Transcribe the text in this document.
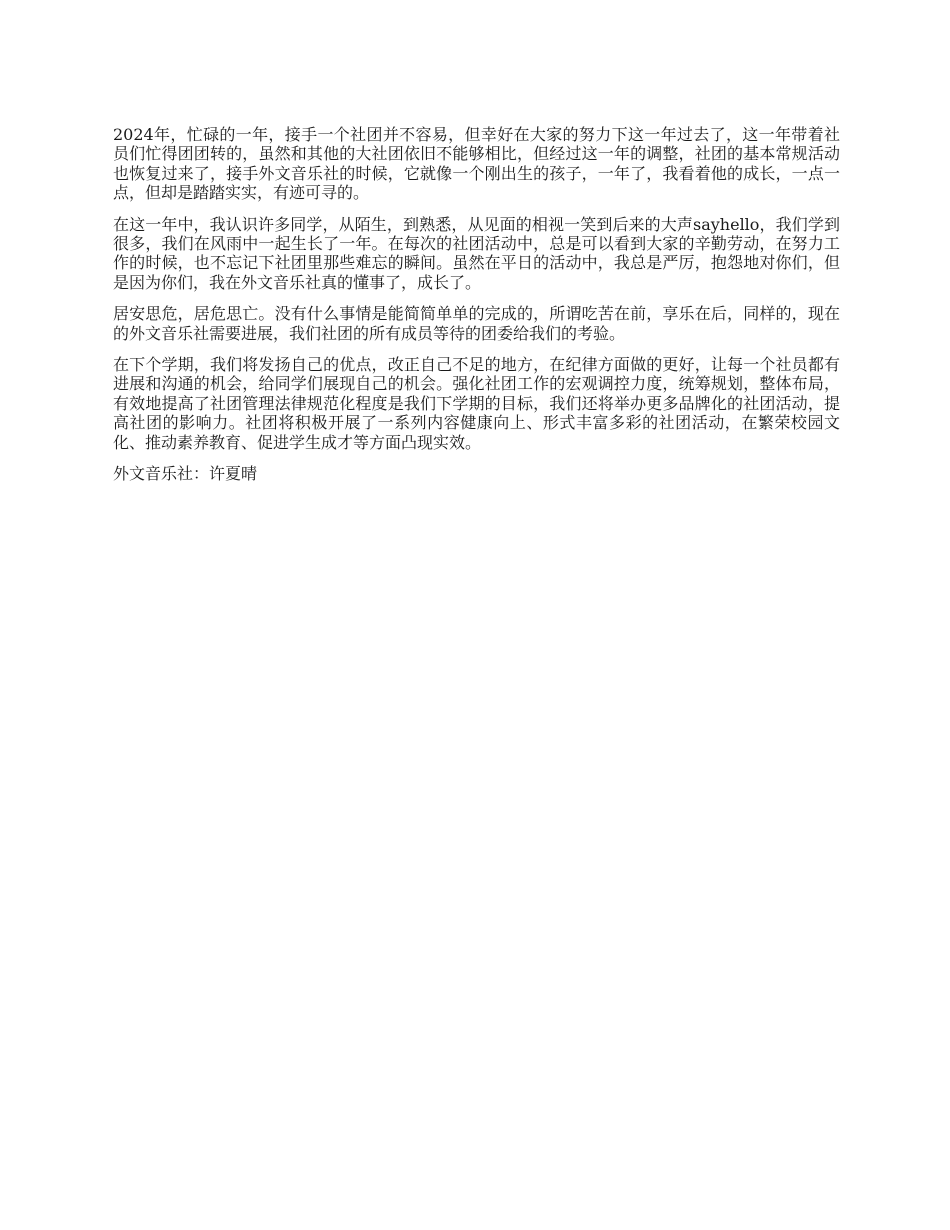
2024年，忙碌的一年，接手一个社团并不容易，但幸好在大家的努力下这一年过去了，这一年带着社员们忙得团团转的，虽然和其他的大社团依旧不能够相比，但经过这一年的调整，社团的基本常规活动也恢复过来了，接手外文音乐社的时候，它就像一个刚出生的孩子，一年了，我看着他的成长，一点一点，但却是踏踏实实，有迹可寻的。

在这一年中，我认识许多同学，从陌生，到熟悉，从见面的相视一笑到后来的大声sayhello，我们学到很多，我们在风雨中一起生长了一年。在每次的社团活动中，总是可以看到大家的辛勤劳动，在努力工作的时候，也不忘记下社团里那些难忘的瞬间。虽然在平日的活动中，我总是严厉，抱怨地对你们，但是因为你们，我在外文音乐社真的懂事了，成长了。

居安思危，居危思亡。没有什么事情是能简简单单的完成的，所谓吃苦在前，享乐在后，同样的，现在的外文音乐社需要进展，我们社团的所有成员等待的团委给我们的考验。

在下个学期，我们将发扬自己的优点，改正自己不足的地方，在纪律方面做的更好，让每一个社员都有进展和沟通的机会，给同学们展现自己的机会。强化社团工作的宏观调控力度，统筹规划，整体布局，有效地提高了社团管理法律规范化程度是我们下学期的目标，我们还将举办更多品牌化的社团活动，提高社团的影响力。社团将积极开展了一系列内容健康向上、形式丰富多彩的社团活动，在繁荣校园文化、推动素养教育、促进学生成才等方面凸现实效。

外文音乐社：许夏晴
